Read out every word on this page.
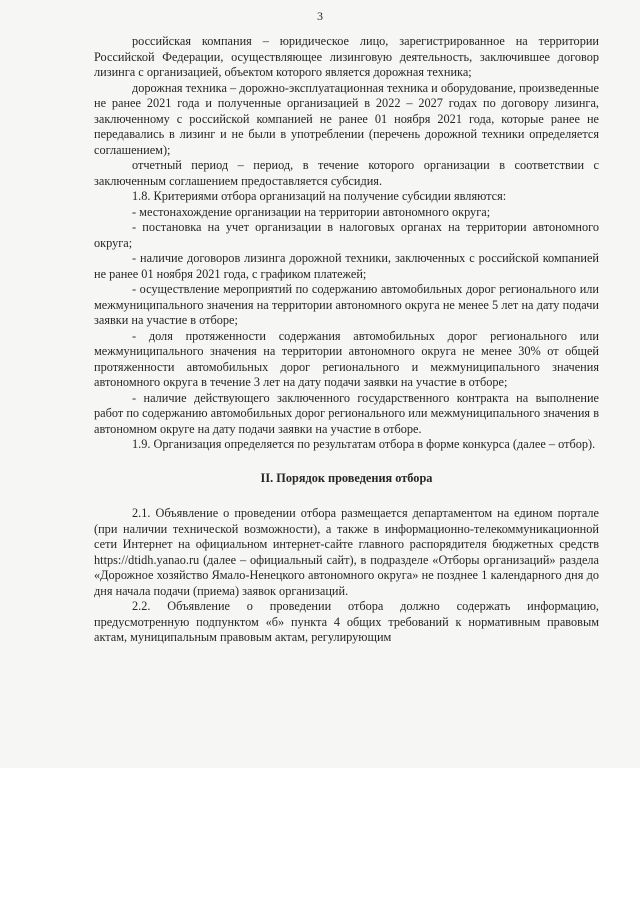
3

российская компания – юридическое лицо, зарегистрированное на территории Российской Федерации, осуществляющее лизинговую деятельность, заключившее договор лизинга с организацией, объектом которого является дорожная техника;

дорожная техника – дорожно-эксплуатационная техника и оборудование, произведенные не ранее 2021 года и полученные организацией в 2022 – 2027 годах по договору лизинга, заключенному с российской компанией не ранее 01 ноября 2021 года, которые ранее не передавались в лизинг и не были в употреблении (перечень дорожной техники определяется соглашением);

отчетный период – период, в течение которого организации в соответствии с заключенным соглашением предоставляется субсидия.

1.8. Критериями отбора организаций на получение субсидии являются:

- местонахождение организации на территории автономного округа;

- постановка на учет организации в налоговых органах на территории автономного округа;

- наличие договоров лизинга дорожной техники, заключенных с российской компанией не ранее 01 ноября 2021 года, с графиком платежей;

- осуществление мероприятий по содержанию автомобильных дорог регионального или межмуниципального значения на территории автономного округа не менее 5 лет на дату подачи заявки на участие в отборе;

- доля протяженности содержания автомобильных дорог регионального или межмуниципального значения на территории автономного округа не менее 30% от общей протяженности автомобильных дорог регионального и межмуниципального значения автономного округа в течение 3 лет на дату подачи заявки на участие в отборе;

- наличие действующего заключенного государственного контракта на выполнение работ по содержанию автомобильных дорог регионального или межмуниципального значения в автономном округе на дату подачи заявки на участие в отборе.

1.9. Организация определяется по результатам отбора в форме конкурса (далее – отбор).

II. Порядок проведения отбора

2.1. Объявление о проведении отбора размещается департаментом на едином портале (при наличии технической возможности), а также в информационно-телекоммуникационной сети Интернет на официальном интернет-сайте главного распорядителя бюджетных средств https://dtidh.yanao.ru (далее – официальный сайт), в подразделе «Отборы организаций» раздела «Дорожное хозяйство Ямало-Ненецкого автономного округа» не позднее 1 календарного дня до дня начала подачи (приема) заявок организаций.

2.2. Объявление о проведении отбора должно содержать информацию, предусмотренную подпунктом «б» пункта 4 общих требований к нормативным правовым актам, муниципальным правовым актам, регулирующим
